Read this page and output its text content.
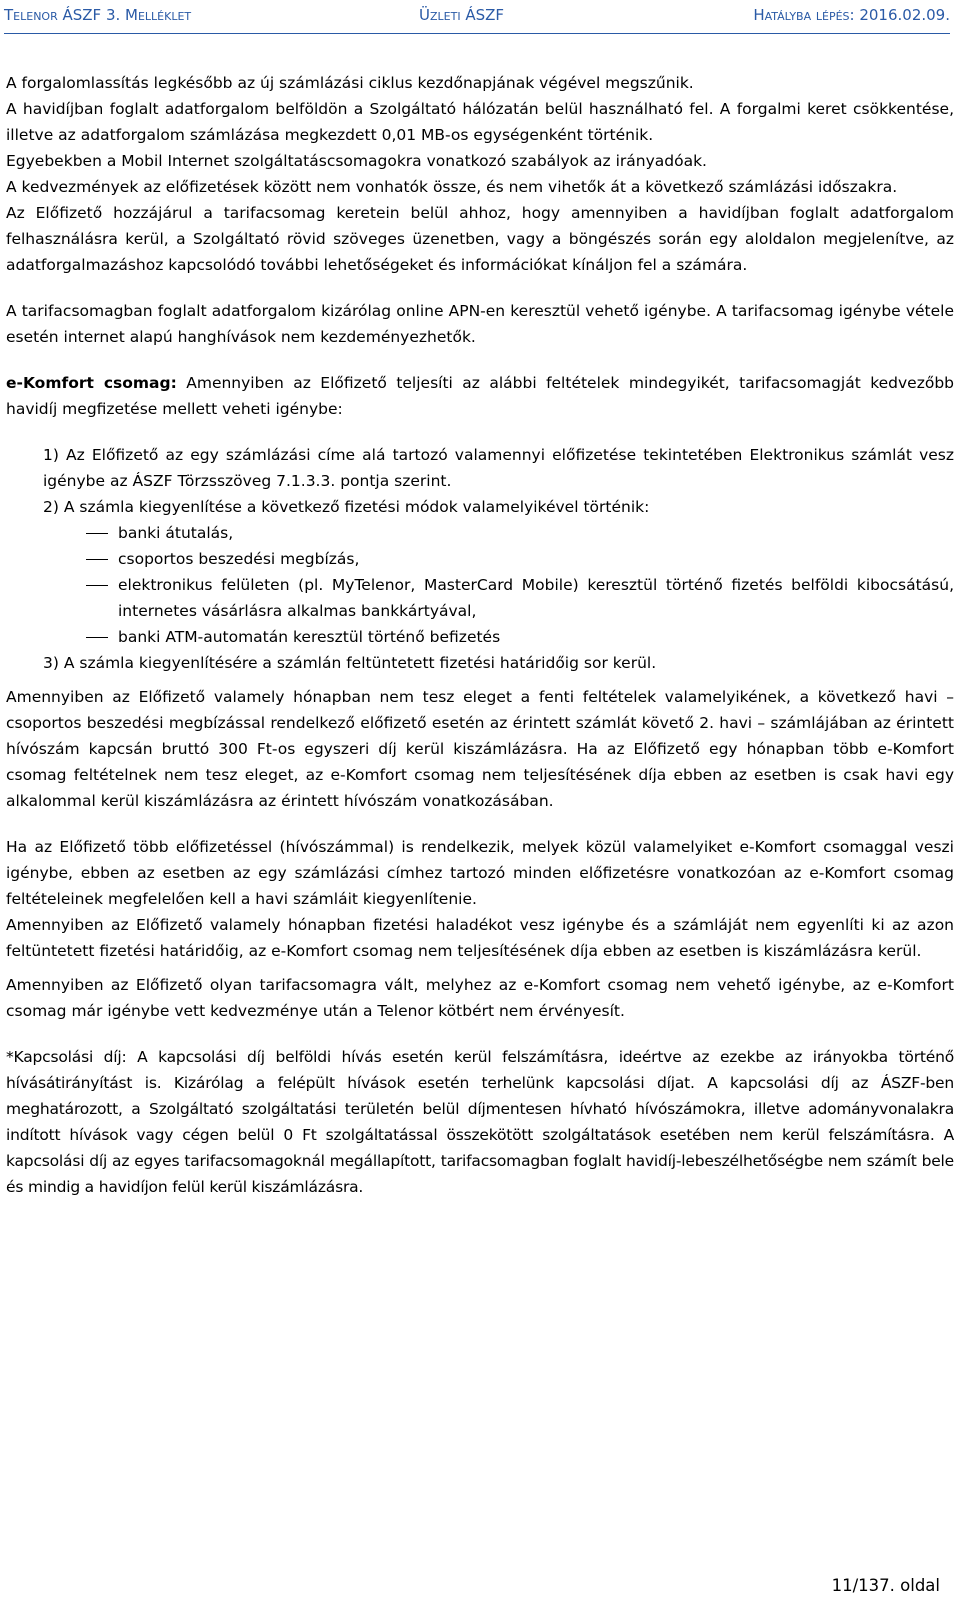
Telenor ÁSZF 3. Melléklet	Üzleti ÁSZF	Hatályba lépés: 2016.02.09.

A forgalomlassítás legkésőbb az új számlázási ciklus kezdőnapjának végével megszűnik.

A havidíjban foglalt adatforgalom belföldön a Szolgáltató hálózatán belül használható fel. A forgalmi keret csökkentése, illetve az adatforgalom számlázása megkezdett 0,01 MB-os egységenként történik.

Egyebekben a Mobil Internet szolgáltatáscsomagokra vonatkozó szabályok az irányadóak.

A kedvezmények az előfizetések között nem vonhatók össze, és nem vihetők át a következő számlázási időszakra.

Az Előfizető hozzájárul a tarifacsomag keretein belül ahhoz, hogy amennyiben a havidíjban foglalt adatforgalom felhasználásra kerül, a Szolgáltató rövid szöveges üzenetben, vagy a böngészés során egy aloldalon megjelenítve, az adatforgalmazáshoz kapcsolódó további lehetőségeket és információkat kínáljon fel a számára.

A tarifacsomagban foglalt adatforgalom kizárólag online APN-en keresztül vehető igénybe. A tarifacsomag igénybe vétele esetén internet alapú hanghívások nem kezdeményezhetők.

e-Komfort csomag: Amennyiben az Előfizető teljesíti az alábbi feltételek mindegyikét, tarifacsomagját kedvezőbb havidíj megfizetése mellett veheti igénybe:

1) Az Előfizető az egy számlázási címe alá tartozó valamennyi előfizetése tekintetében Elektronikus számlát vesz igénybe az ÁSZF Törzsszöveg 7.1.3.3. pontja szerint.

2) A számla kiegyenlítése a következő fizetési módok valamelyikével történik:

banki átutalás,
csoportos beszedési megbízás,
elektronikus felületen (pl. MyTelenor, MasterCard Mobile) keresztül történő fizetés belföldi kibocsátású, internetes vásárlásra alkalmas bankkártyával,
banki ATM-automatán keresztül történő befizetés

3) A számla kiegyenlítésére a számlán feltüntetett fizetési határidőig sor kerül.

Amennyiben az Előfizető valamely hónapban nem tesz eleget a fenti feltételek valamelyikének, a következő havi – csoportos beszedési megbízással rendelkező előfizető esetén az érintett számlát követő 2. havi – számlájában az érintett hívószám kapcsán bruttó 300 Ft-os egyszeri díj kerül kiszámlázásra. Ha az Előfizető egy hónapban több e-Komfort csomag feltételnek nem tesz eleget, az e-Komfort csomag nem teljesítésének díja ebben az esetben is csak havi egy alkalommal kerül kiszámlázásra az érintett hívószám vonatkozásában.

Ha az Előfizető több előfizetéssel (hívószámmal) is rendelkezik, melyek közül valamelyiket e-Komfort csomaggal veszi igénybe, ebben az esetben az egy számlázási címhez tartozó minden előfizetésre vonatkozóan az e-Komfort csomag feltételeinek megfelelően kell a havi számláit kiegyenlítenie.

Amennyiben az Előfizető valamely hónapban fizetési haladékot vesz igénybe és a számláját nem egyenlíti ki az azon feltüntetett fizetési határidőig, az e-Komfort csomag nem teljesítésének díja ebben az esetben is kiszámlázásra kerül.

Amennyiben az Előfizető olyan tarifacsomagra vált, melyhez az e-Komfort csomag nem vehető igénybe, az e-Komfort csomag már igénybe vett kedvezménye után a Telenor kötbért nem érvényesít.

*Kapcsolási díj: A kapcsolási díj belföldi hívás esetén kerül felszámításra, ideértve az ezekbe az irányokba történő hívásátirányítást is. Kizárólag a felépült hívások esetén terhelünk kapcsolási díjat. A kapcsolási díj az ÁSZF-ben meghatározott, a Szolgáltató szolgáltatási területén belül díjmentesen hívható hívószámokra, illetve adományvonalakra indított hívások vagy cégen belül 0 Ft szolgáltatással összekötött szolgáltatások esetében nem kerül felszámításra. A kapcsolási díj az egyes tarifacsomagoknál megállapított, tarifacsomagban foglalt havidíj-lebeszélhetőségbe nem számít bele és mindig a havidíjon felül kerül kiszámlázásra.

11/137. oldal
